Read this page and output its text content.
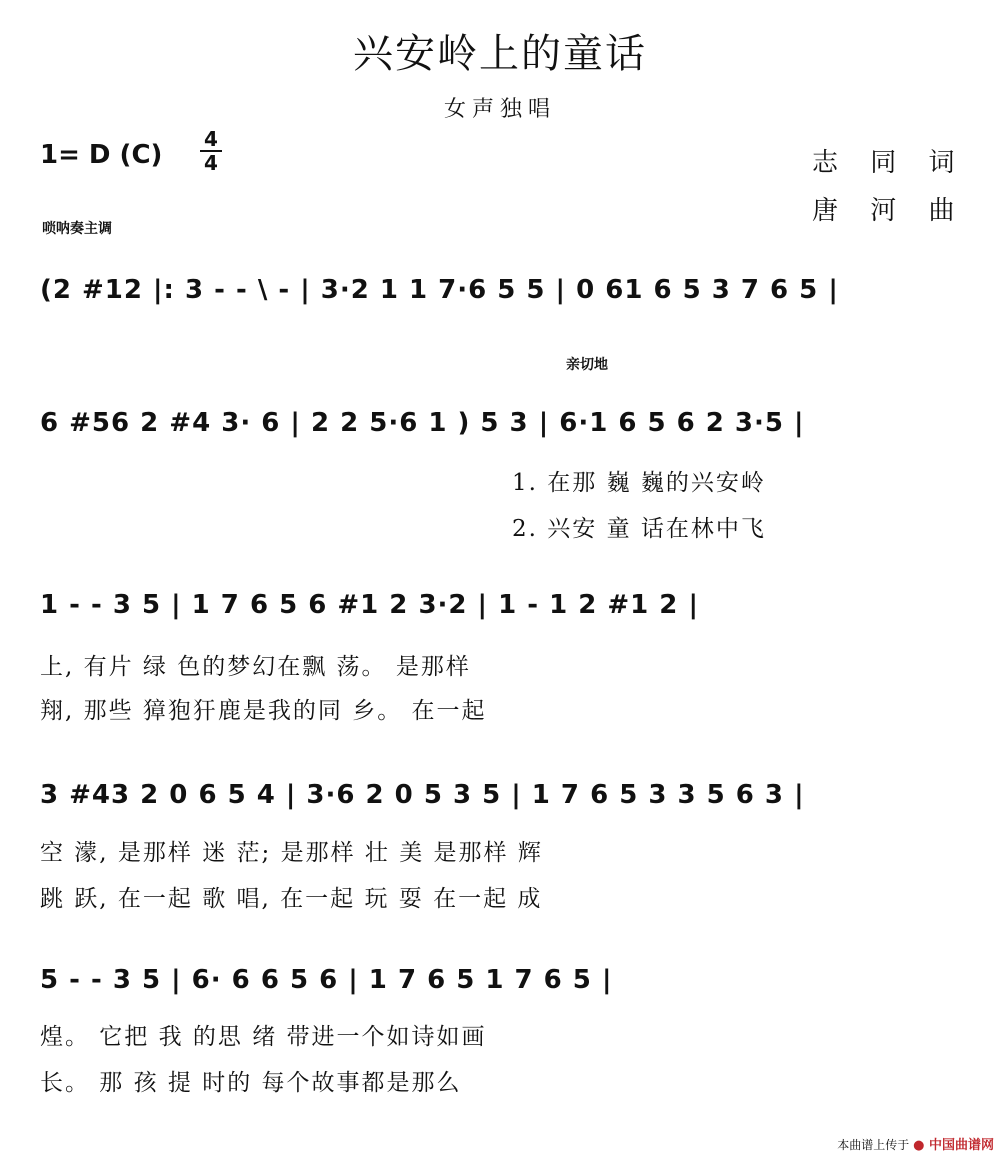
兴安岭上的童话
女声独唱
1= D (C)
4
4	志 同 词
唐 河 曲
唢呐奏主调
亲切地
(2 #12 |: 3 - - \ - | 3·2 1 1 7·6 5 5 | 0 61 6 5 3 7 6 5 |
6 #56 2 #4 3· 6 | 2 2 5·6 1 ) 5 3 | 6·1 6 5 6 2 3·5 |
1. 在那 巍 巍的兴安岭
2. 兴安 童 话在林中飞
1 - - 3 5 | 1 7 6 5 6 #1 2 3·2 | 1 - 1 2 #1 2 |
上, 有片 绿 色的梦幻在飘 荡。 是那样
翔, 那些 獐狍犴鹿是我的同 乡。 在一起
3 #43 2 0 6 5 4 | 3·6 2 0 5 3 5 | 1 7 6 5 3 3 5 6 3 |
空 濛, 是那样 迷 茫; 是那样 壮 美 是那样 辉
跳 跃, 在一起 歌 唱, 在一起 玩 耍 在一起 成
5 - - 3 5 | 6· 6 6 5 6 | 1 7 6 5 1 7 6 5 |
煌。 它把 我 的思 绪 带进一个如诗如画
长。 那 孩 提 时的 每个故事都是那么
本曲谱上传于 ● 中国曲谱网
